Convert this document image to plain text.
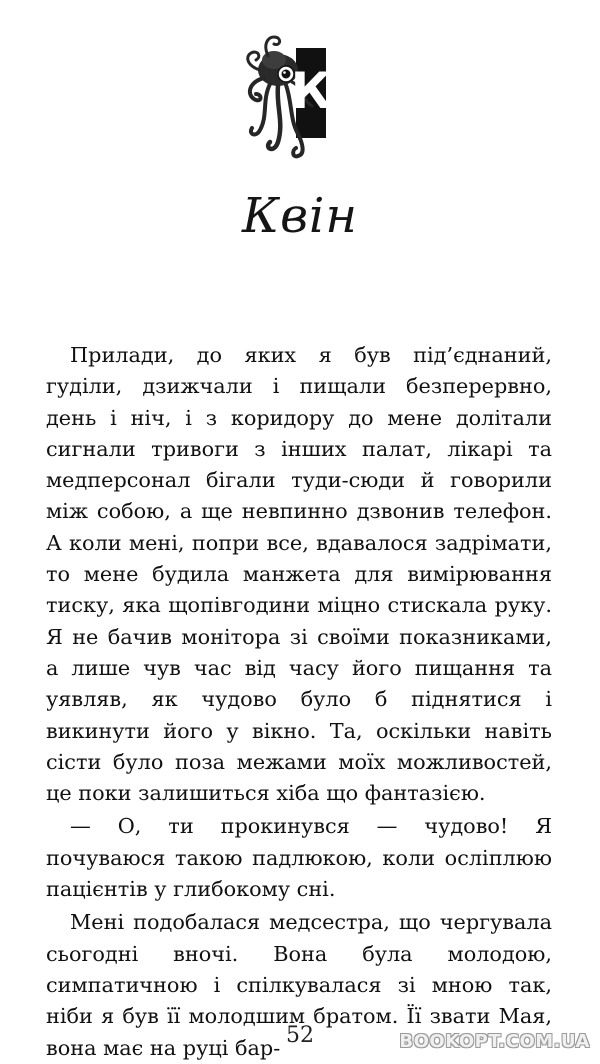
К
Квін

Прилади, до яких я був під’єднаний, гуділи, дзижчали і пищали безперервно, день і ніч, і з коридору до мене долітали сигнали тривоги з інших палат, лікарі та медперсонал бігали туди-сюди й говорили між собою, а ще невпинно дзвонив телефон. А коли мені, попри все, вдавалося задрімати, то мене будила манжета для вимірювання тиску, яка щопівгодини міцно стискала руку. Я не бачив монітора зі своїми показниками, а лише чув час від часу його пищання та уявляв, як чудово було б піднятися і викинути його у вікно. Та, оскільки навіть сісти було поза межами моїх можливостей, це поки залишиться хіба що фантазією.

— О, ти прокинувся — чудово! Я почуваюся такою падлюкою, коли осліплюю пацієнтів у глибокому сні.

Мені подобалася медсестра, що чергувала сьогодні вночі. Вона була молодою, симпатичною і спілкувалася зі мною так, ніби я був її молодшим братом. Її звати Мая, вона має на руці бар- 52	BOOKOPT.COM.UA
